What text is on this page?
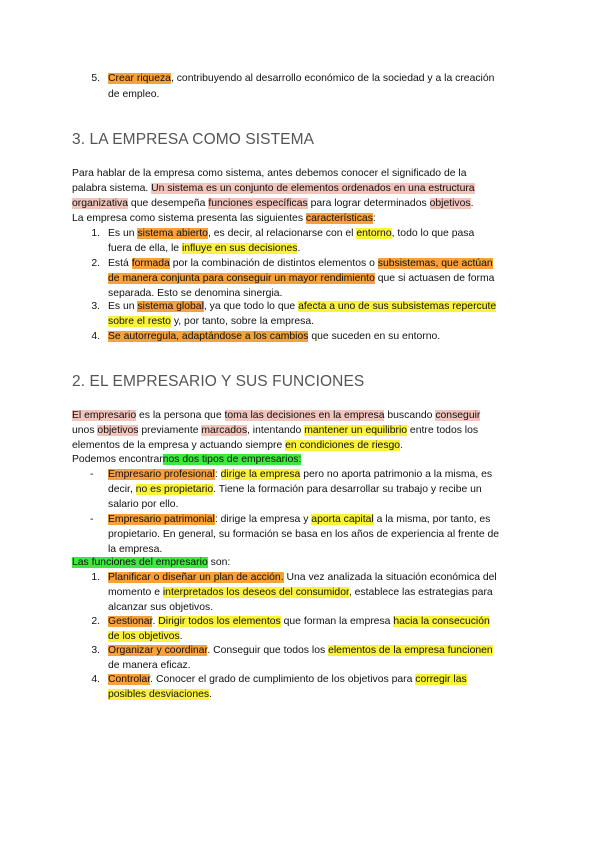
5. Crear riqueza, contribuyendo al desarrollo económico de la sociedad y a la creación
de empleo.
3. LA EMPRESA COMO SISTEMA
Para hablar de la empresa como sistema, antes debemos conocer el significado de la
palabra sistema. Un sistema es un conjunto de elementos ordenados en una estructura
organizativa que desempeña funciones específicas para lograr determinados objetivos.
La empresa como sistema presenta las siguientes características:
1. Es un sistema abierto, es decir, al relacionarse con el entorno, todo lo que pasa
fuera de ella, le influye en sus decisiones.
2. Está formada por la combinación de distintos elementos o subsistemas, que actúan
de manera conjunta para conseguir un mayor rendimiento que si actuasen de forma
separada. Esto se denomina sinergia.
3. Es un sistema global, ya que todo lo que afecta a uno de sus subsistemas repercute
sobre el resto y, por tanto, sobre la empresa.
4. Se autorregula, adaptándose a los cambios que suceden en su entorno.
2. EL EMPRESARIO Y SUS FUNCIONES
El empresario es la persona que toma las decisiones en la empresa buscando conseguir
unos objetivos previamente marcados, intentando mantener un equilibrio entre todos los
elementos de la empresa y actuando siempre en condiciones de riesgo.
Podemos encontrarnos dos tipos de empresarios:
- Empresario profesional: dirige la empresa pero no aporta patrimonio a la misma, es
decir, no es propietario. Tiene la formación para desarrollar su trabajo y recibe un
salario por ello.
- Empresario patrimonial: dirige la empresa y aporta capital a la misma, por tanto, es
propietario. En general, su formación se basa en los años de experiencia al frente de
la empresa.
Las funciones del empresario son:
1. Planificar o diseñar un plan de acción. Una vez analizada la situación económica del
momento e interpretados los deseos del consumidor, establece las estrategias para
alcanzar sus objetivos.
2. Gestionar. Dirigir todos los elementos que forman la empresa hacia la consecución
de los objetivos.
3. Organizar y coordinar. Conseguir que todos los elementos de la empresa funcionen
de manera eficaz.
4. Controlar. Conocer el grado de cumplimiento de los objetivos para corregir las
posibles desviaciones.
